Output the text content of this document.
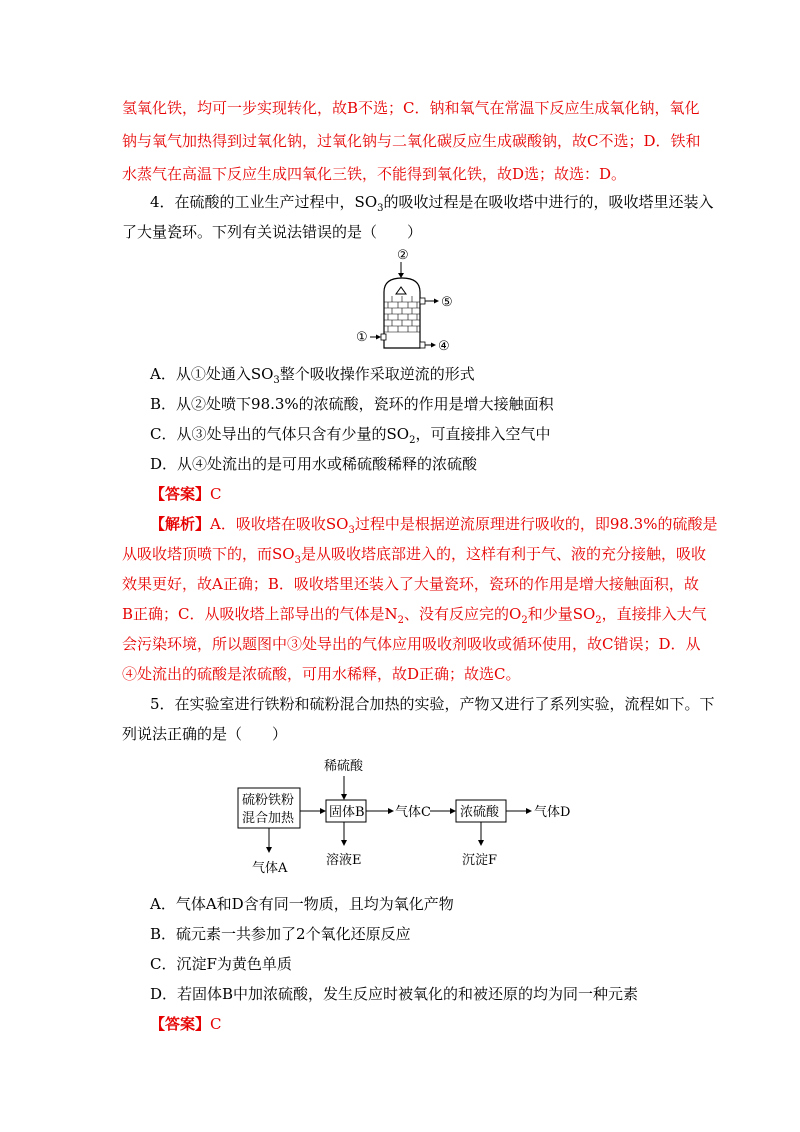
氢氧化铁，均可一步实现转化，故B不选；C．钠和氧气在常温下反应生成氧化钠，氧化

钠与氧气加热得到过氧化钠，过氧化钠与二氧化碳反应生成碳酸钠，故C不选；D．铁和

水蒸气在高温下反应生成四氧化三铁，不能得到氧化铁，故D选；故选：D。

4．在硫酸的工业生产过程中，$SO_3$的吸收过程是在吸收塔中进行的，吸收塔里还装入

了大量瓷环。下列有关说法错误的是（　　）

②
⑤
①
④

A．从①处通入$SO_3$整个吸收操作采取逆流的形式

B．从②处喷下98.3%的浓硫酸，瓷环的作用是增大接触面积

C．从③处导出的气体只含有少量的$SO_2$，可直接排入空气中

D．从④处流出的是可用水或稀硫酸稀释的浓硫酸

【答案】C

【解析】A．吸收塔在吸收$SO_3$过程中是根据逆流原理进行吸收的，即98.3%的硫酸是

从吸收塔顶喷下的，而$SO_3$是从吸收塔底部进入的，这样有利于气、液的充分接触，吸收

效果更好，故A正确；B．吸收塔里还装入了大量瓷环，瓷环的作用是增大接触面积，故

B正确；C．从吸收塔上部导出的气体是$N_2$、没有反应完的$O_2$和少量$SO_2$，直接排入大气

会污染环境，所以题图中③处导出的气体应用吸收剂吸收或循环使用，故C错误；D．从

④处流出的硫酸是浓硫酸，可用水稀释，故D正确；故选C。

5．在实验室进行铁粉和硫粉混合加热的实验，产物又进行了系列实验，流程如下。下

列说法正确的是（　　）

硫粉铁粉
混合加热
气体A
稀硫酸
固体B
溶液E
气体C 浓硫酸	气体D
沉淀F

A．气体A和D含有同一物质，且均为氧化产物

B．硫元素一共参加了2个氧化还原反应

C．沉淀F为黄色单质

D．若固体B中加浓硫酸，发生反应时被氧化的和被还原的均为同一种元素

【答案】C
